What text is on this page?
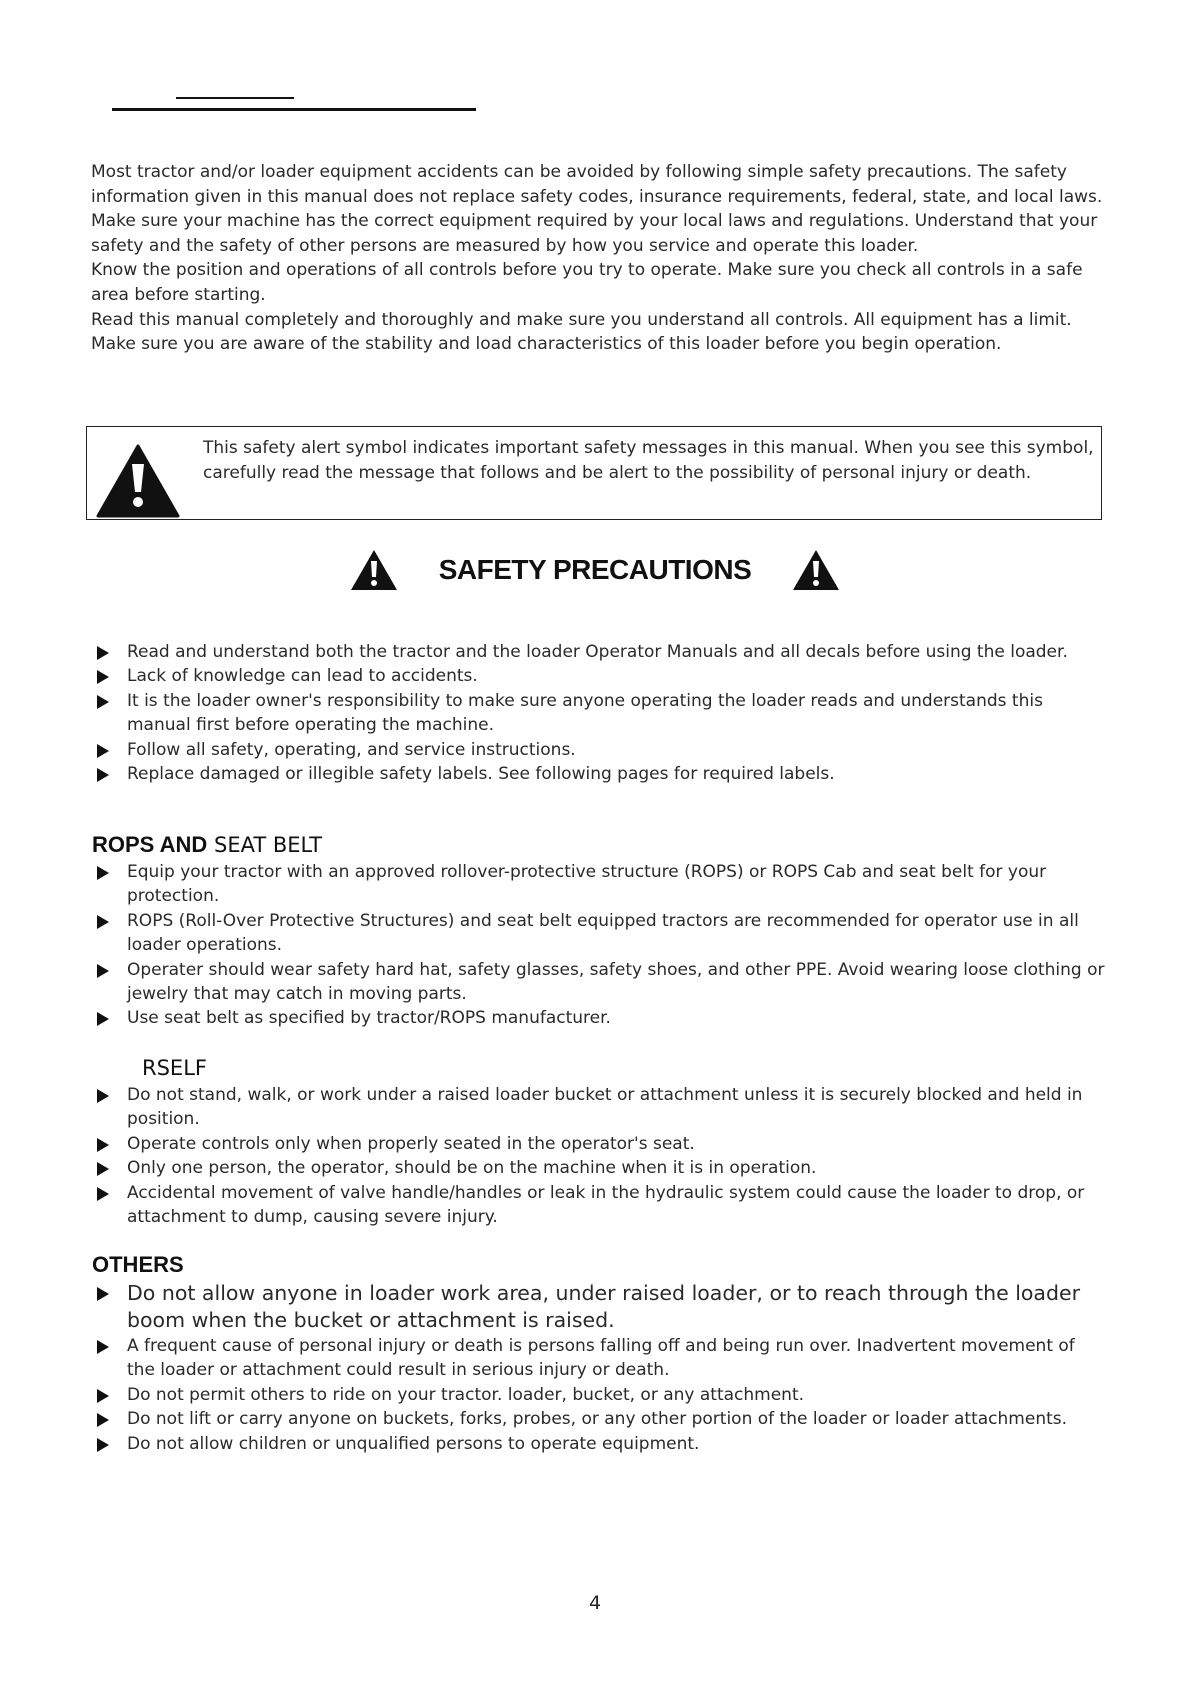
Most tractor and/or loader equipment accidents can be avoided by following simple safety precautions. The safety information given in this manual does not replace safety codes, insurance requirements, federal, state, and local laws. Make sure your machine has the correct equipment required by your local laws and regulations. Understand that your safety and the safety of other persons are measured by how you service and operate this loader.

Know the position and operations of all controls before you try to operate. Make sure you check all controls in a safe area before starting.

Read this manual completely and thoroughly and make sure you understand all controls. All equipment has a limit. Make sure you are aware of the stability and load characteristics of this loader before you begin operation.

This safety alert symbol indicates important safety messages in this manual. When you see this symbol, carefully read the message that follows and be alert to the possibility of personal injury or death.
SAFETY PRECAUTIONS
Read and understand both the tractor and the loader Operator Manuals and all decals before using the loader.
Lack of knowledge can lead to accidents.
It is the loader owner's responsibility to make sure anyone operating the loader reads and understands this manual first before operating the machine.
Follow all safety, operating, and service instructions.
Replace damaged or illegible safety labels. See following pages for required labels.
ROPS AND SEAT BELT
Equip your tractor with an approved rollover-protective structure (ROPS) or ROPS Cab and seat belt for your protection.
ROPS (Roll-Over Protective Structures) and seat belt equipped tractors are recommended for operator use in all loader operations.
Operater should wear safety hard hat, safety glasses, safety shoes, and other PPE. Avoid wearing loose clothing or jewelry that may catch in moving parts.
Use seat belt as specified by tractor/ROPS manufacturer.
RSELF
Do not stand, walk, or work under a raised loader bucket or attachment unless it is securely blocked and held in position.
Operate controls only when properly seated in the operator's seat.
Only one person, the operator, should be on the machine when it is in operation.
Accidental movement of valve handle/handles or leak in the hydraulic system could cause the loader to drop, or attachment to dump, causing severe injury.
OTHERS
Do not allow anyone in loader work area, under raised loader, or to reach through the loader boom when the bucket or attachment is raised.
A frequent cause of personal injury or death is persons falling off and being run over. Inadvertent movement of the loader or attachment could result in serious injury or death.
Do not permit others to ride on your tractor. loader, bucket, or any attachment.
Do not lift or carry anyone on buckets, forks, probes, or any other portion of the loader or loader attachments.
Do not allow children or unqualified persons to operate equipment.
4
